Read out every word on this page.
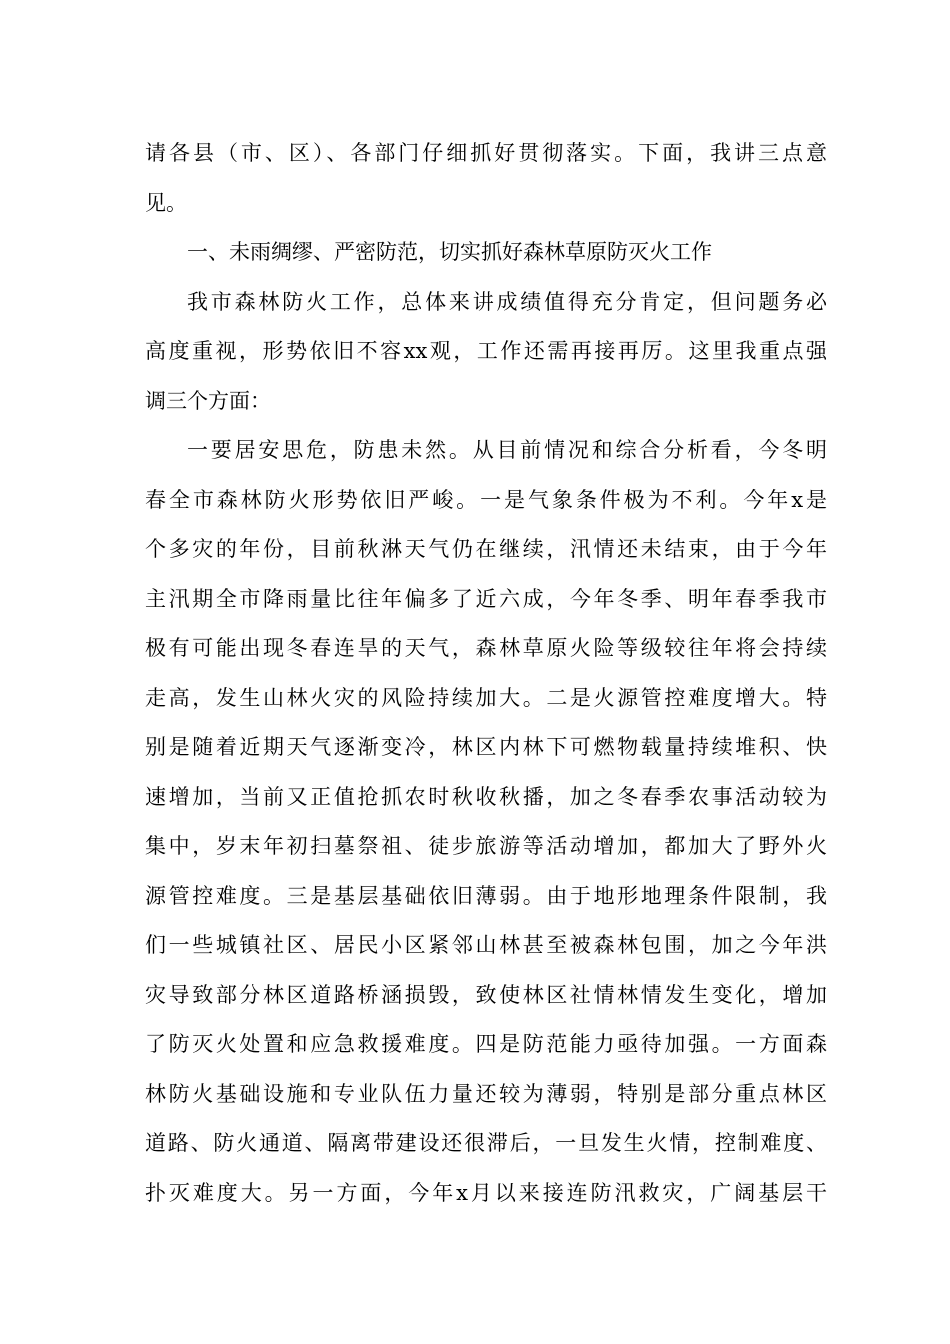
请各县（市、区）、各部门仔细抓好贯彻落实。下面，我讲三点意
见。
一、未雨绸缪、严密防范，切实抓好森林草原防灭火工作
我市森林防火工作，总体来讲成绩值得充分肯定，但问题务必
高度重视，形势依旧不容xx观，工作还需再接再厉。这里我重点强
调三个方面：
一要居安思危，防患未然。从目前情况和综合分析看，今冬明
春全市森林防火形势依旧严峻。一是气象条件极为不利。今年x是
个多灾的年份，目前秋淋天气仍在继续，汛情还未结束，由于今年
主汛期全市降雨量比往年偏多了近六成，今年冬季、明年春季我市
极有可能出现冬春连旱的天气，森林草原火险等级较往年将会持续
走高，发生山林火灾的风险持续加大。二是火源管控难度增大。特
别是随着近期天气逐渐变冷，林区内林下可燃物载量持续堆积、快
速增加，当前又正值抢抓农时秋收秋播，加之冬春季农事活动较为
集中，岁末年初扫墓祭祖、徒步旅游等活动增加，都加大了野外火
源管控难度。三是基层基础依旧薄弱。由于地形地理条件限制，我
们一些城镇社区、居民小区紧邻山林甚至被森林包围，加之今年洪
灾导致部分林区道路桥涵损毁，致使林区社情林情发生变化，增加
了防灭火处置和应急救援难度。四是防范能力亟待加强。一方面森
林防火基础设施和专业队伍力量还较为薄弱，特别是部分重点林区
道路、防火通道、隔离带建设还很滞后，一旦发生火情，控制难度、
扑灭难度大。另一方面，今年x月以来接连防汛救灾，广阔基层干
